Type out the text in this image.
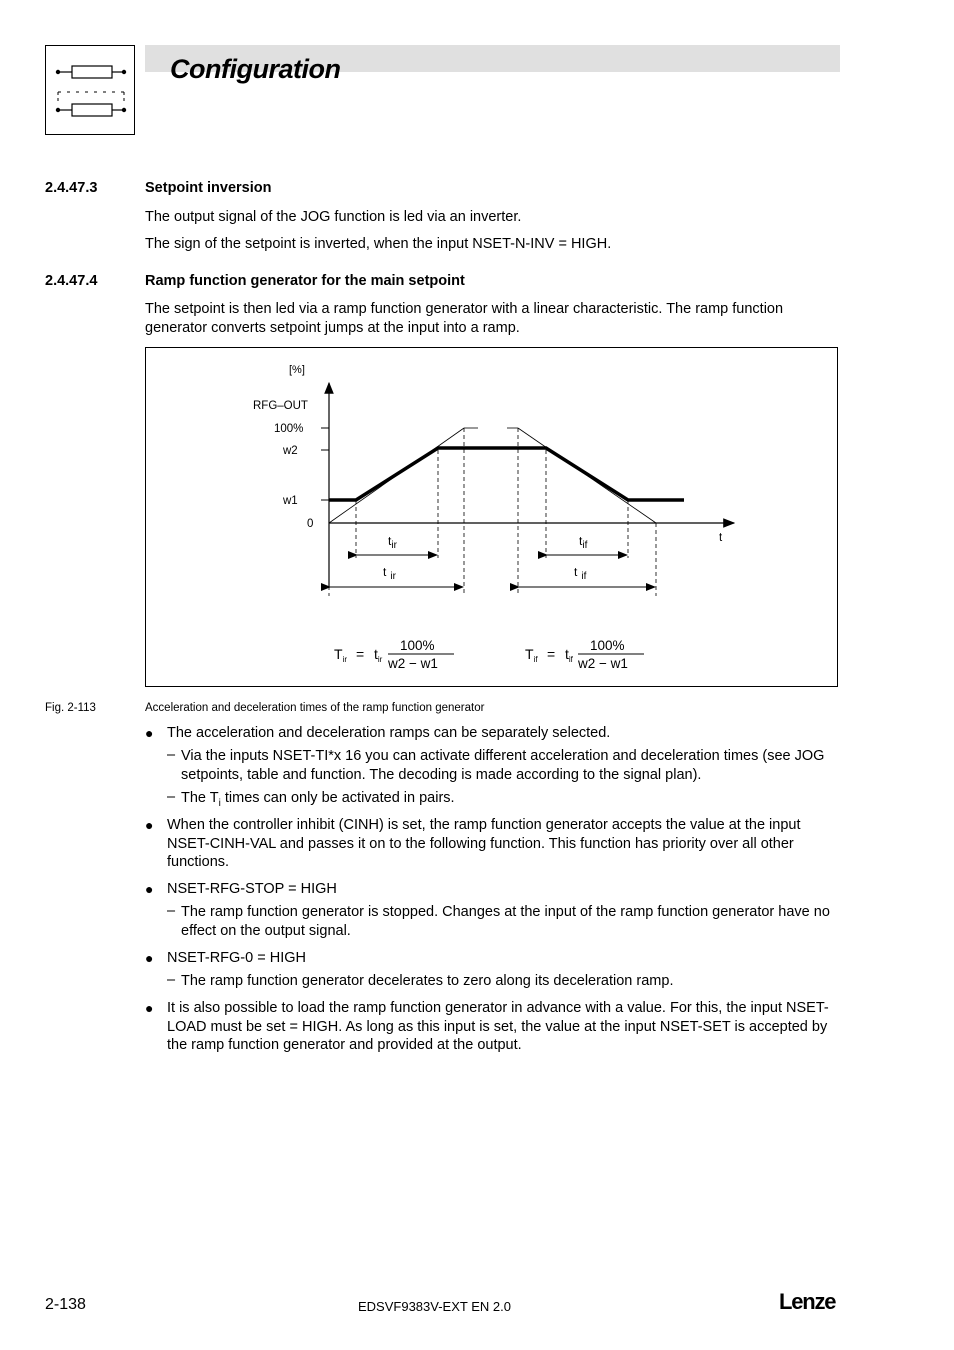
Configuration
2.4.47.3	Setpoint inversion
The output signal of the JOG function is led via an inverter.
The sign of the setpoint is inverted, when the input NSET-N-INV = HIGH.
2.4.47.4	Ramp function generator for the main setpoint
The setpoint is then led via a ramp function generator with a linear characteristic. The ramp function generator converts setpoint jumps at the input into a ramp.
[%]
RFG–OUT
100%
w2
w1
0
t
$t_{ir}$	$t_{if}$
t $_{ir}$	t $_{if}$
$T_{ir} = t_{ir}$
100%
w2 − w1
$T_{if} = t_{if}$
100%
w2 − w1
Fig. 2-113	Acceleration and deceleration times of the ramp function generator
● The acceleration and deceleration ramps can be separately selected.
– Via the inputs NSET-TI*x 16 you can activate different acceleration and deceleration times (see JOG setpoints, table and function. The decoding is made according to the signal plan).
– The $T_i$ times can only be activated in pairs.
● When the controller inhibit (CINH) is set, the ramp function generator accepts the value at the input NSET-CINH-VAL and passes it on to the following function. This function has priority over all other functions.
● NSET-RFG-STOP = HIGH
– The ramp function generator is stopped. Changes at the input of the ramp function generator have no effect on the output signal.
● NSET-RFG-0 = HIGH
– The ramp function generator decelerates to zero along its deceleration ramp.
● It is also possible to load the ramp function generator in advance with a value. For this, the input NSET-LOAD must be set = HIGH. As long as this input is set, the value at the input NSET-SET is accepted by the ramp function generator and provided at the output.
2-138	EDSVF9383V-EXT EN 2.0	Lenze
